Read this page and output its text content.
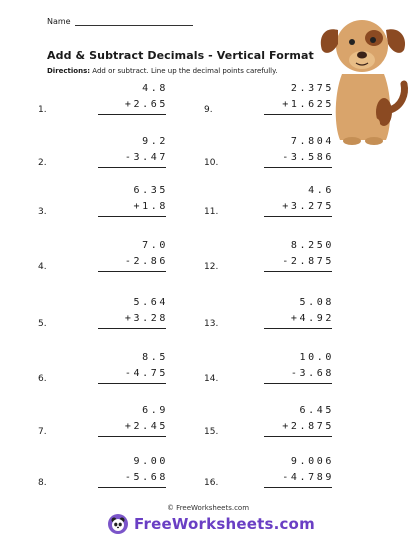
Name
Add & Subtract Decimals - Vertical Format
Directions: Add or subtract. Line up the decimal points carefully.
1.
4.8
+ 2.65
2.
9.2
- 3.47
3.
6.35
+ 1.8
4.
7.0
- 2.86
5.
5.64
+ 3.28
6.
8.5
- 4.75
7.
6.9
+ 2.45
8.
9.00
- 5.68
9.
2.375
+ 1.625
10.
7.804
- 3.586
11.
4.6
+ 3.275
12.
8.250
- 2.875
13.
5.08
+ 4.92
14.
10.0
- 3.68
15.
6.45
+ 2.875
16.
9.006
- 4.789
© FreeWorksheets.com
FreeWorksheets.com
